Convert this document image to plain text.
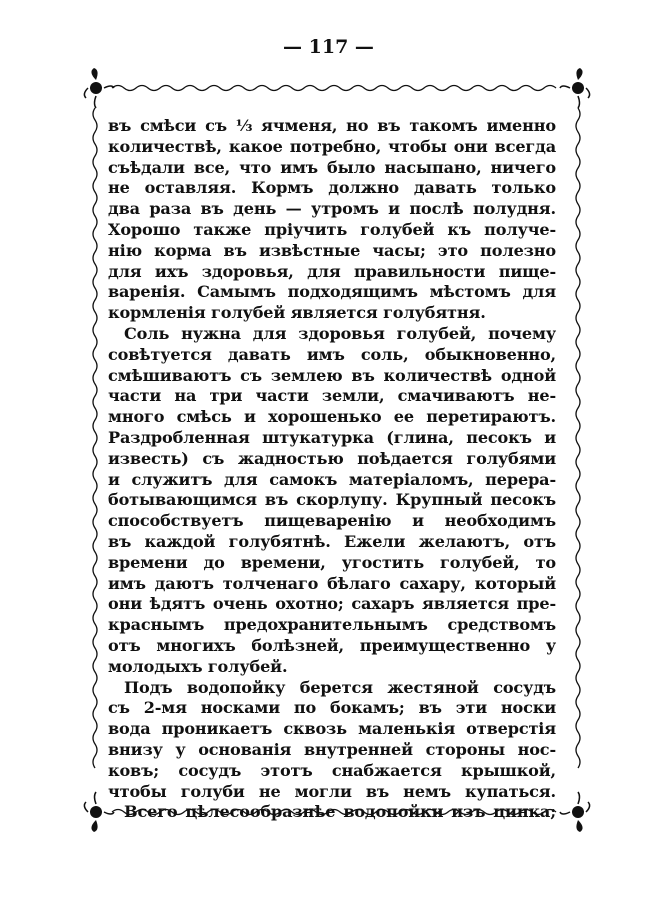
— 117 —
въ смѣси съ ⅓ ячменя, но въ такомъ именно
количествѣ, какое потребно, чтобы они всегда
съѣдали все, что имъ было насыпано, ничего
не оставляя. Кормъ должно давать только
два раза въ день — утромъ и послѣ полудня.
Хорошо также пріучить голубей къ получе-
нію корма въ извѣстные часы; это полезно
для ихъ здоровья, для правильности пище-
варенія. Самымъ подходящимъ мѣстомъ для
кормленія голубей является голубятня.
Соль нужна для здоровья голубей, почему
совѣтуется давать имъ соль, обыкновенно,
смѣшиваютъ съ землею въ количествѣ одной
части на три части земли, смачиваютъ не-
много смѣсь и хорошенько ее перетираютъ.
Раздробленная штукатурка (глина, песокъ и
известь) съ жадностью поѣдается голубями
и служитъ для самокъ матеріаломъ, перера-
ботывающимся въ скорлупу. Крупный песокъ
способствуетъ пищеваренію и необходимъ
въ каждой голубятнѣ. Ежели желаютъ, отъ
времени до времени, угостить голубей, то
имъ даютъ толченаго бѣлаго сахару, который
они ѣдятъ очень охотно; сахаръ является пре-
краснымъ предохранительнымъ средствомъ
отъ многихъ болѣзней, преимущественно у
молодыхъ голубей.
Подъ водопойку берется жестяной сосудъ
съ 2-мя носками по бокамъ; въ эти носки
вода проникаетъ сквозь маленькія отверстія
внизу у основанія внутренней стороны нос-
ковъ; сосудъ этотъ снабжается крышкой,
чтобы голуби не могли въ немъ купаться.
Всего цѣлесообразнѣе водопойки изъ цинка;
